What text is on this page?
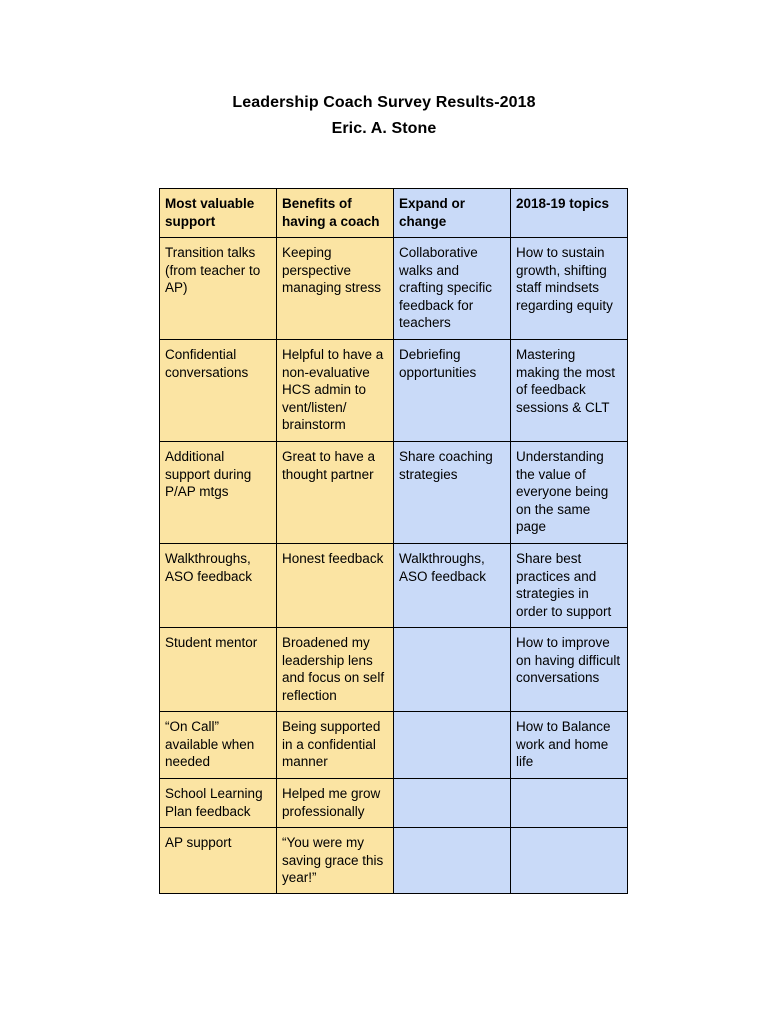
Leadership Coach Survey Results-2018
Eric. A. Stone
Most valuable support	Benefits of having a coach	Expand or change	2018-19 topics
Transition talks (from teacher to AP)	Keeping perspective managing stress	Collaborative walks and crafting specific feedback for teachers	How to sustain growth, shifting staff mindsets regarding equity
Confidential conversations	Helpful to have a non-evaluative HCS admin to vent/listen/ brainstorm	Debriefing opportunities	Mastering making the most of feedback sessions & CLT
Additional support during P/AP mtgs	Great to have a thought partner	Share coaching strategies	Understanding the value of everyone being on the same page
Walkthroughs, ASO feedback	Honest feedback	Walkthroughs, ASO feedback	Share best practices and strategies in order to support
Student mentor	Broadened my leadership lens and focus on self reflection		How to improve on having difficult conversations
“On Call” available when needed	Being supported in a confidential manner		How to Balance work and home life
School Learning Plan feedback	Helped me grow professionally		
AP support	“You were my saving grace this year!”		
